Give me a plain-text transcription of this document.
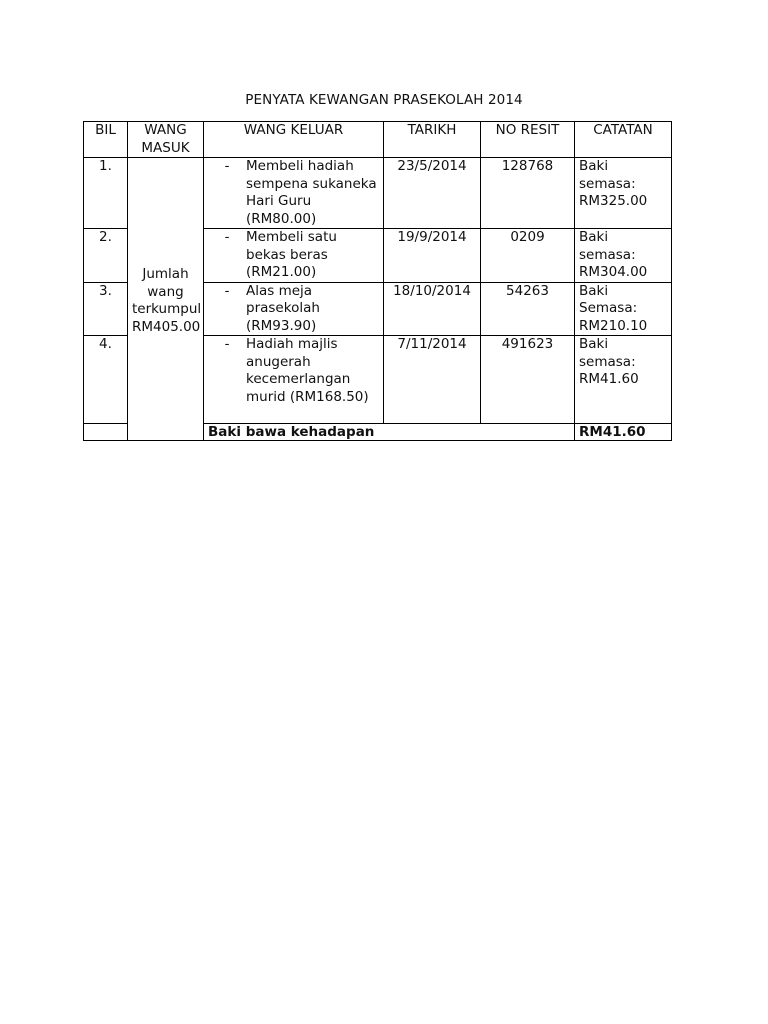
PENYATA KEWANGAN PRASEKOLAH 2014
BIL	WANG MASUK	WANG KELUAR	TARIKH	NO RESIT	CATATAN
1.	Jumlah wang terkumpul RM405.00	- Membeli hadiah sempena sukaneka Hari Guru (RM80.00)	23/5/2014	128768	Baki semasa: RM325.00
2.		- Membeli satu bekas beras (RM21.00)	19/9/2014	0209	Baki semasa: RM304.00
3.		- Alas meja prasekolah (RM93.90)	18/10/2014	54263	Baki Semasa: RM210.10
4.		- Hadiah majlis anugerah kecemerlangan murid (RM168.50)	7/11/2014	491623	Baki semasa: RM41.60
		Baki bawa kehadapan			RM41.60
